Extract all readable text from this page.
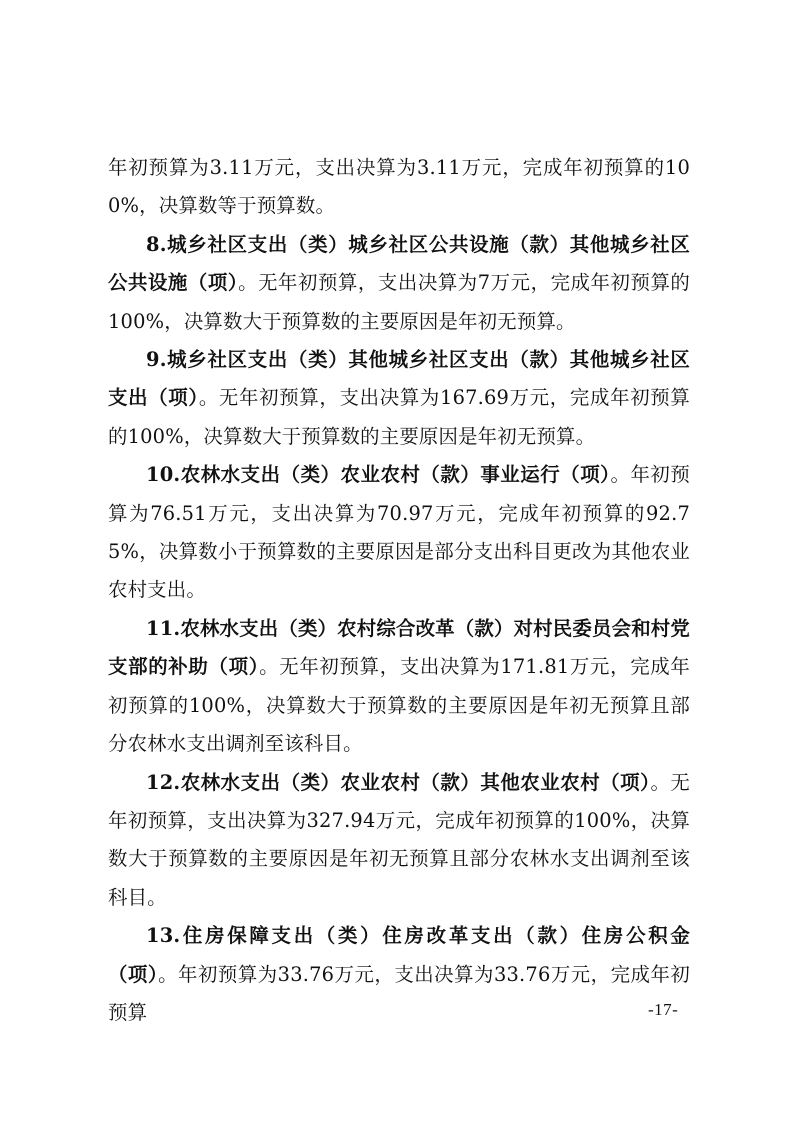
年初预算为3.11万元，支出决算为3.11万元，完成年初预算的100%，决算数等于预算数。

8.城乡社区支出（类）城乡社区公共设施（款）其他城乡社区公共设施（项）。无年初预算，支出决算为7万元，完成年初预算的100%，决算数大于预算数的主要原因是年初无预算。

9.城乡社区支出（类）其他城乡社区支出（款）其他城乡社区支出（项）。无年初预算，支出决算为167.69万元，完成年初预算的100%，决算数大于预算数的主要原因是年初无预算。

10.农林水支出（类）农业农村（款）事业运行（项）。年初预算为76.51万元，支出决算为70.97万元，完成年初预算的92.75%，决算数小于预算数的主要原因是部分支出科目更改为其他农业农村支出。

11.农林水支出（类）农村综合改革（款）对村民委员会和村党支部的补助（项）。无年初预算，支出决算为171.81万元，完成年初预算的100%，决算数大于预算数的主要原因是年初无预算且部分农林水支出调剂至该科目。

12.农林水支出（类）农业农村（款）其他农业农村（项）。无年初预算，支出决算为327.94万元，完成年初预算的100%，决算数大于预算数的主要原因是年初无预算且部分农林水支出调剂至该科目。

13.住房保障支出（类）住房改革支出（款）住房公积金（项）。年初预算为33.76万元，支出决算为33.76万元，完成年初预算	-17-
